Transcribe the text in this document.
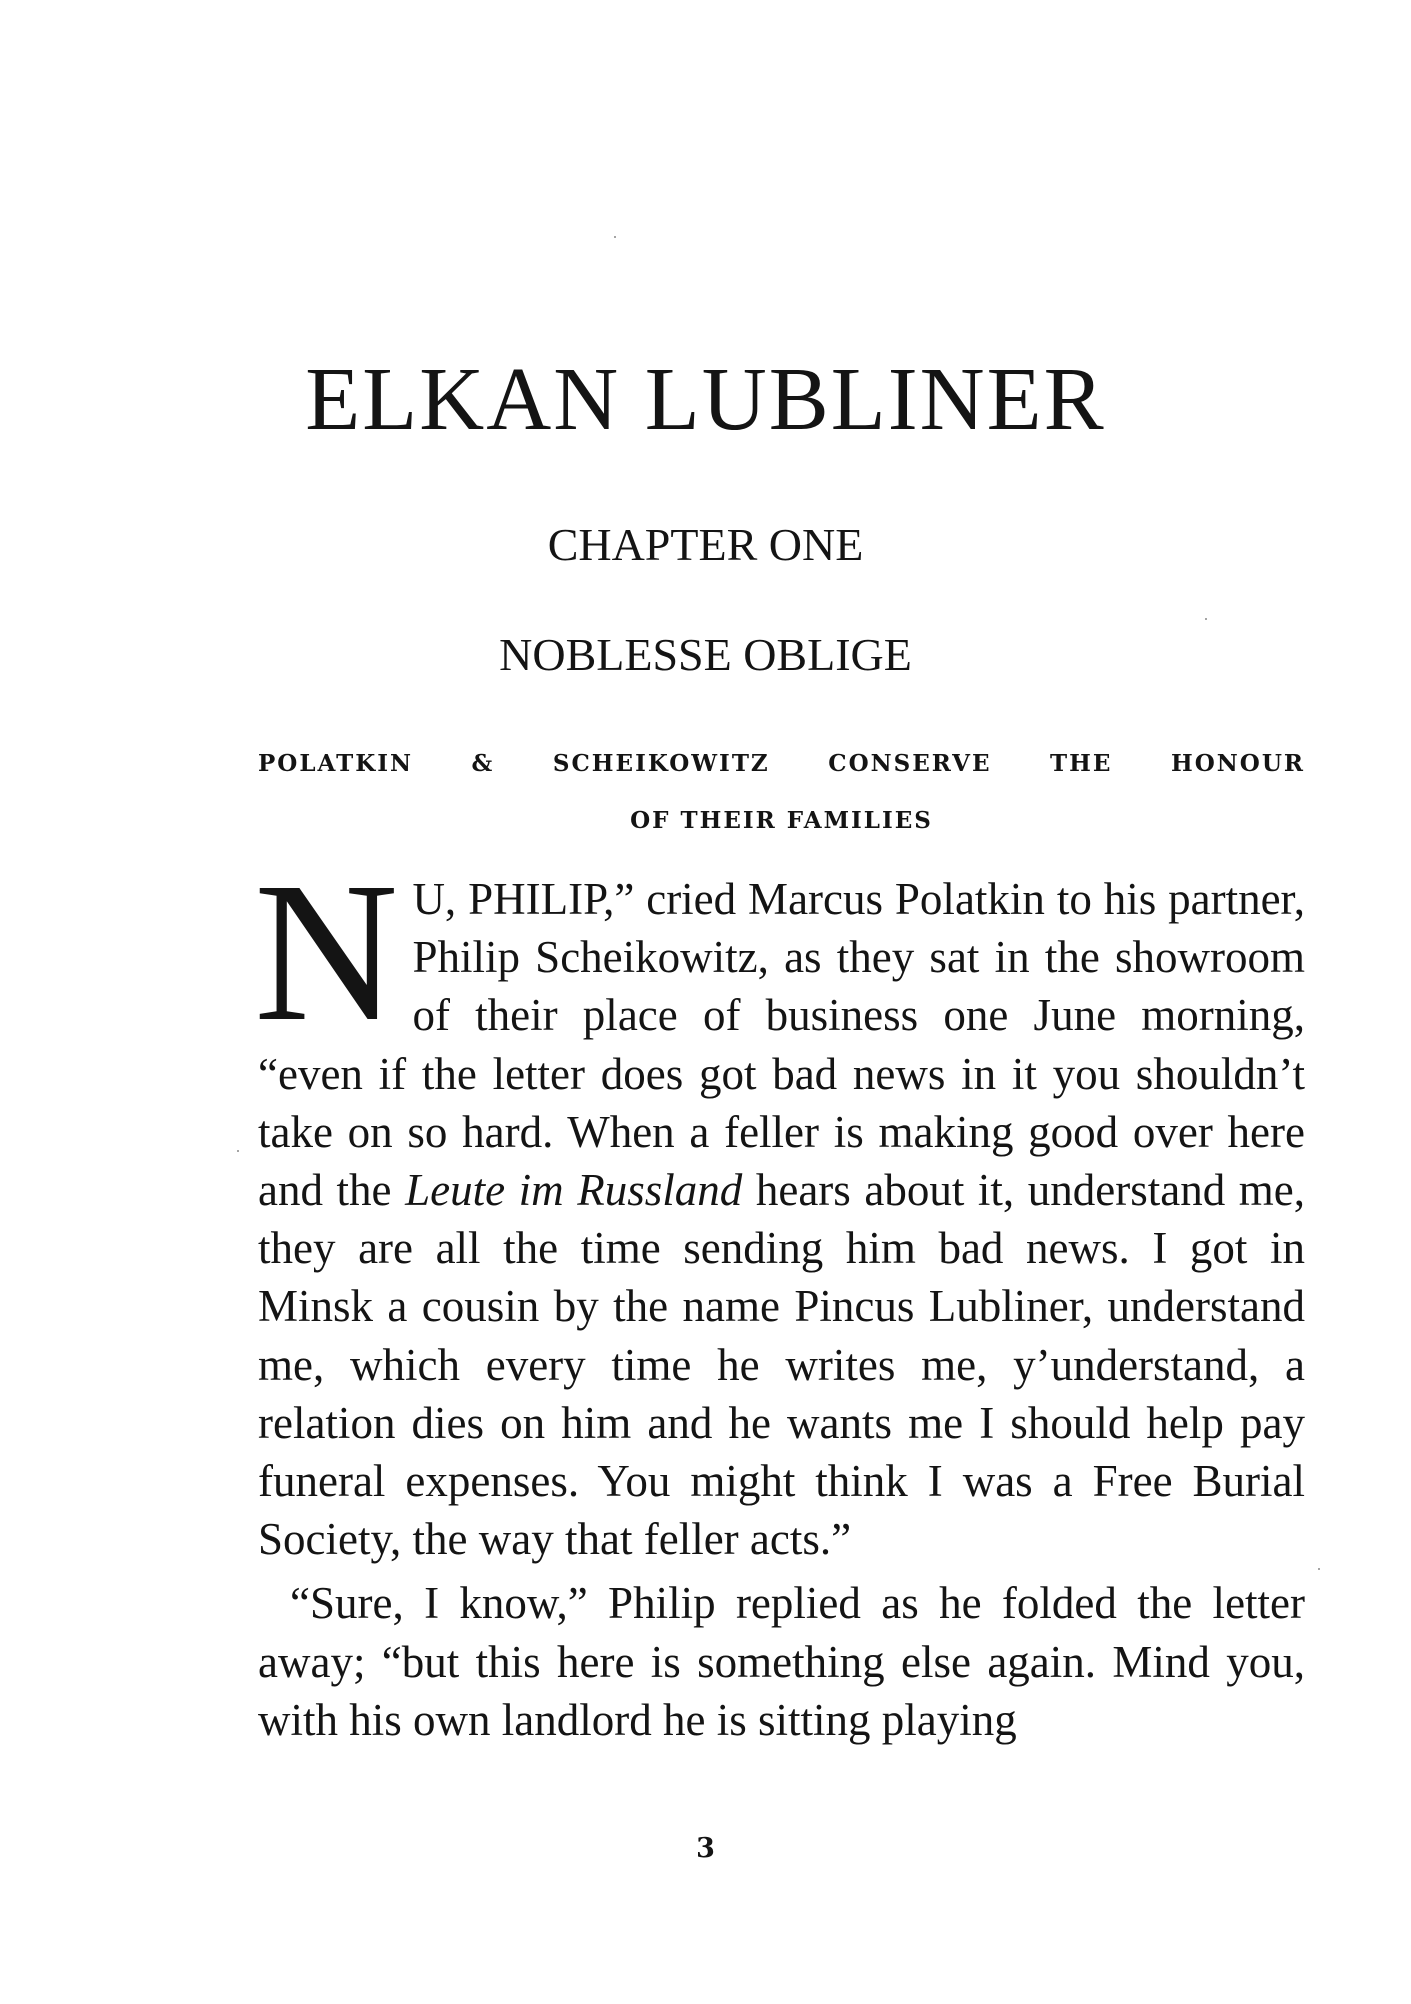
ELKAN LUBLINER
CHAPTER ONE
NOBLESSE OBLIGE
POLATKIN & SCHEIKOWITZ CONSERVE THE HONOUR
OF THEIR FAMILIES

N U, PHILIP,” cried Marcus Polatkin to his partner, Philip Scheikowitz, as they sat in the showroom of their place of business one June morning, “even if the letter does got bad news in it you shouldn’t take on so hard. When a feller is making good over here and the Leute im Russland hears about it, understand me, they are all the time sending him bad news. I got in Minsk a cousin by the name Pincus Lubliner, understand me, which every time he writes me, y’understand, a relation dies on him and he wants me I should help pay funeral expenses. You might think I was a Free Burial Society, the way that feller acts.”

“Sure, I know,” Philip replied as he folded the letter away; “but this here is something else again. Mind you, with his own landlord he is sitting playing

3
